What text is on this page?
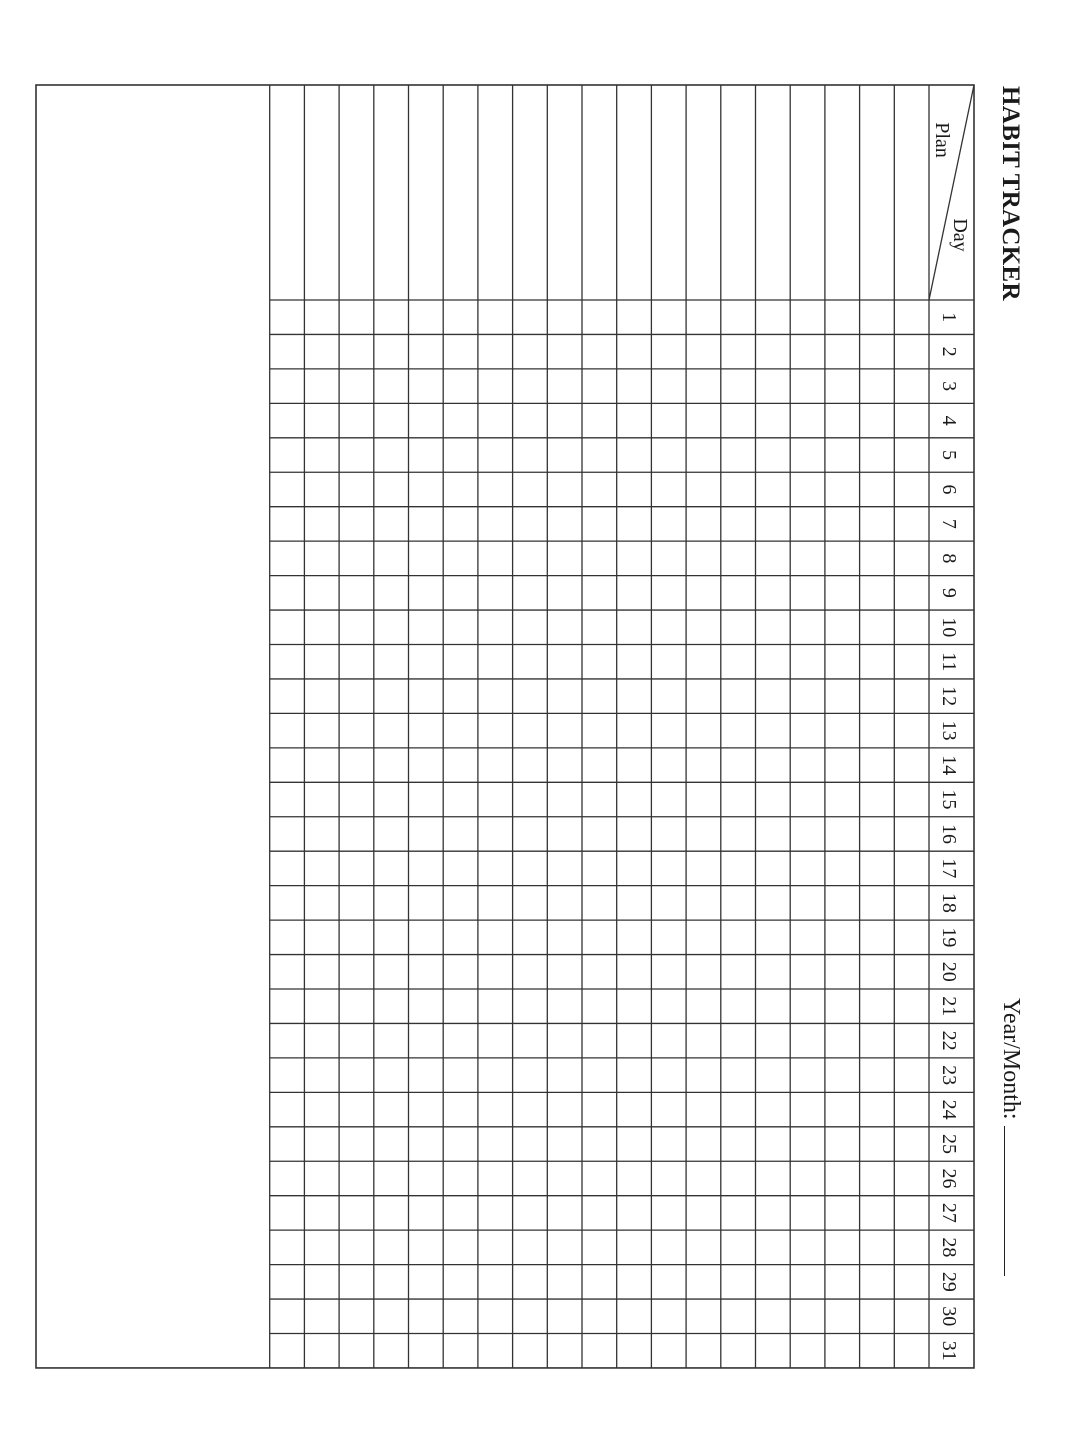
HABIT TRACKER
Year/Month:
Day
Plan
1
2
3
4
5
6
7
8
9
10
11
12
13
14
15
16
17
18
19
20
21
22
23
24
25
26
27
28
29
30
31
